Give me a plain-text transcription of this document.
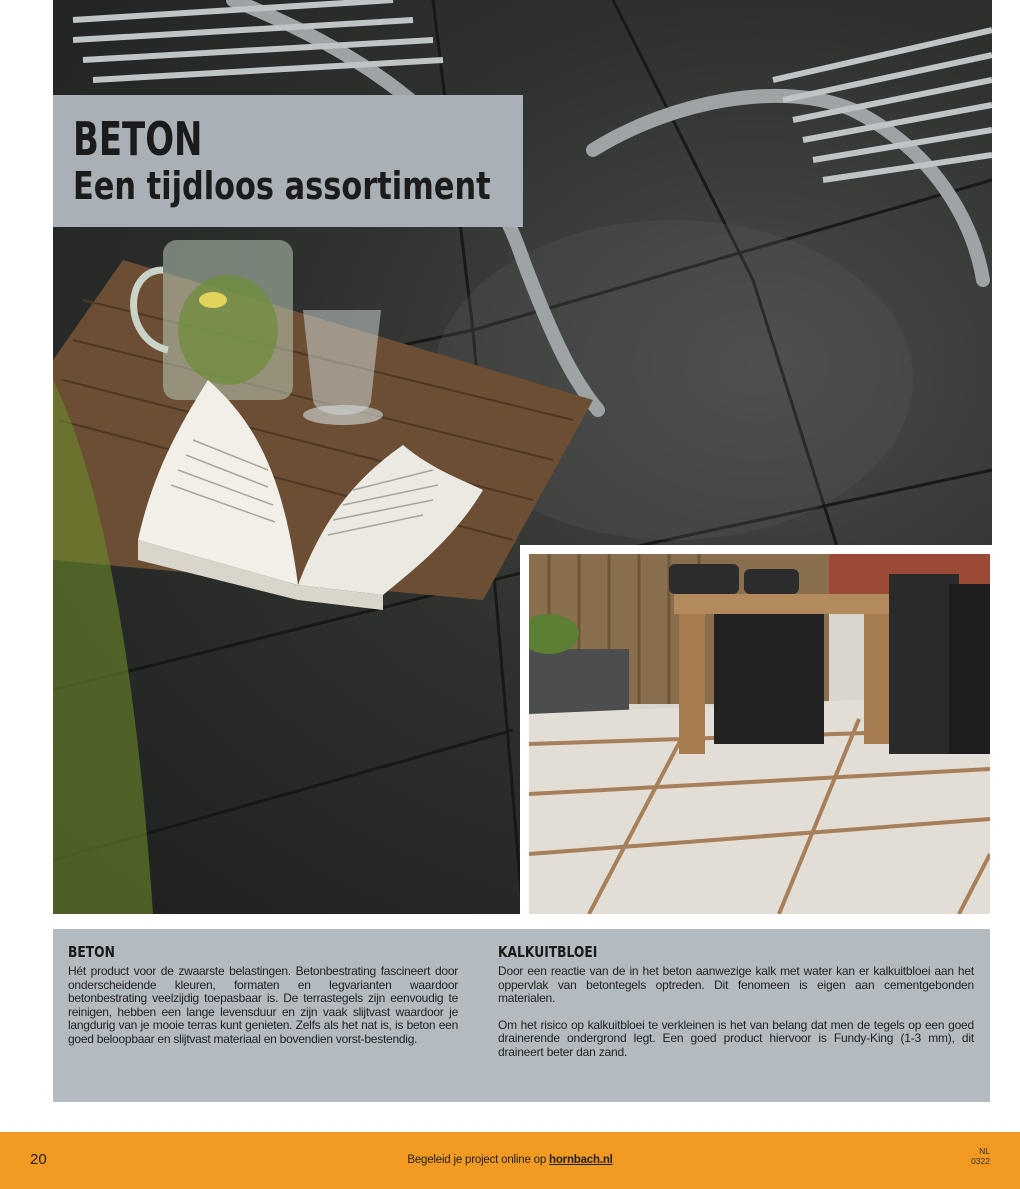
BETON
Een tijdloos assortiment
BETON

Hét product voor de zwaarste belastingen. Betonbestrating fascineert door onderscheidende kleuren, formaten en legvarianten waardoor betonbestrating veelzijdig toepasbaar is. De terrastegels zijn eenvoudig te reinigen, hebben een lange levensduur en zijn vaak slijtvast waardoor je langdurig van je mooie terras kunt genieten. Zelfs als het nat is, is beton een goed beloopbaar en slijtvast materiaal en bovendien vorst-bestendig.

KALKUITBLOEI

Door een reactie van de in het beton aanwezige kalk met water kan er kalkuitbloei aan het oppervlak van betontegels optreden. Dit fenomeen is eigen aan cementgebonden materialen.

Om het risico op kalkuitbloei te verkleinen is het van belang dat men de tegels op een goed drainerende ondergrond legt. Een goed product hiervoor is Fundy-King (1-3 mm), dit draineert beter dan zand.

20	Begeleid je project online op hornbach.nl
NL
0322
